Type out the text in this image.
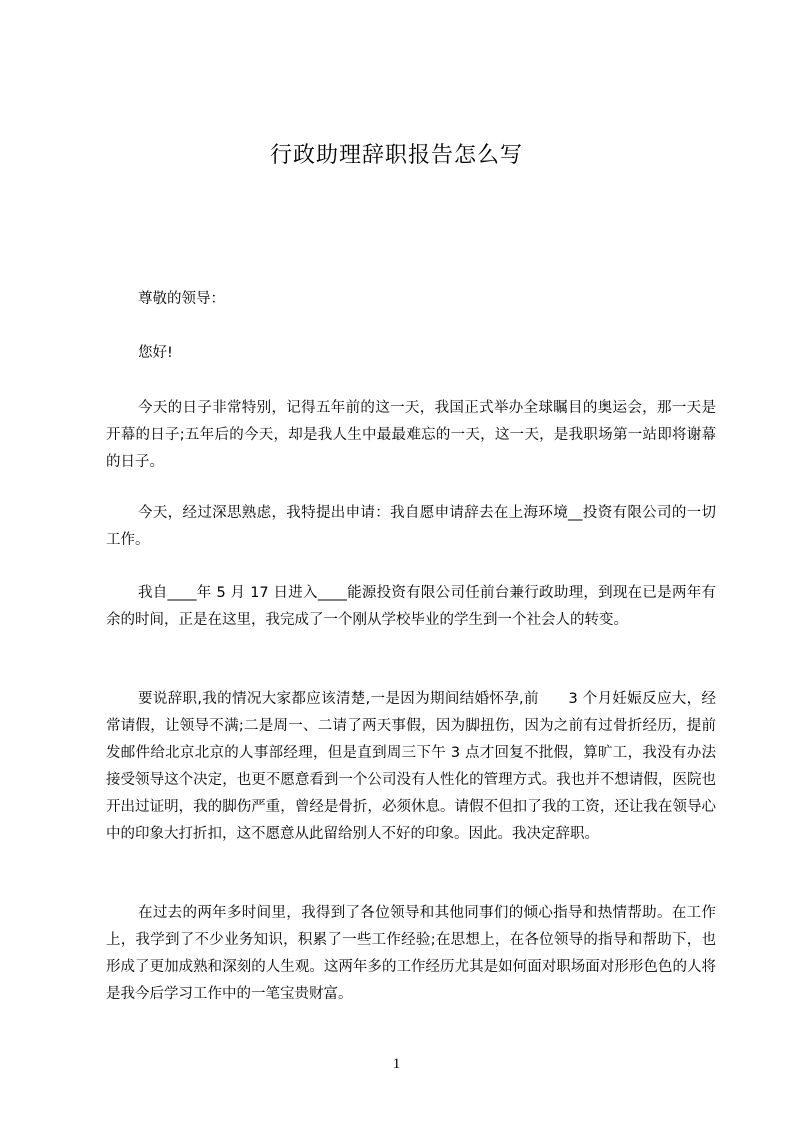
行政助理辞职报告怎么写
尊敬的领导：
您好!
今天的日子非常特别，记得五年前的这一天，我国正式举办全球瞩目的奥运会，那一天是开幕的日子;五年后的今天，却是我人生中最最难忘的一天，这一天，是我职场第一站即将谢幕的日子。
今天，经过深思熟虑，我特提出申请：我自愿申请辞去在上海环境__投资有限公司的一切工作。
我自____年 5 月 17 日进入____能源投资有限公司任前台兼行政助理，到现在已是两年有余的时间，正是在这里，我完成了一个刚从学校毕业的学生到一个社会人的转变。
要说辞职,我的情况大家都应该清楚,一是因为期间结婚怀孕,前　　3 个月妊娠反应大，经常请假，让领导不满;二是周一、二请了两天事假，因为脚扭伤，因为之前有过骨折经历，提前发邮件给北京北京的人事部经理，但是直到周三下午 3 点才回复不批假，算旷工，我没有办法接受领导这个决定，也更不愿意看到一个公司没有人性化的管理方式。我也并不想请假，医院也开出过证明，我的脚伤严重，曾经是骨折，必须休息。请假不但扣了我的工资，还让我在领导心中的印象大打折扣，这不愿意从此留给别人不好的印象。因此。我决定辞职。
在过去的两年多时间里，我得到了各位领导和其他同事们的倾心指导和热情帮助。在工作上，我学到了不少业务知识，积累了一些工作经验;在思想上，在各位领导的指导和帮助下，也形成了更加成熟和深刻的人生观。这两年多的工作经历尤其是如何面对职场面对形形色色的人将是我今后学习工作中的一笔宝贵财富。
1
